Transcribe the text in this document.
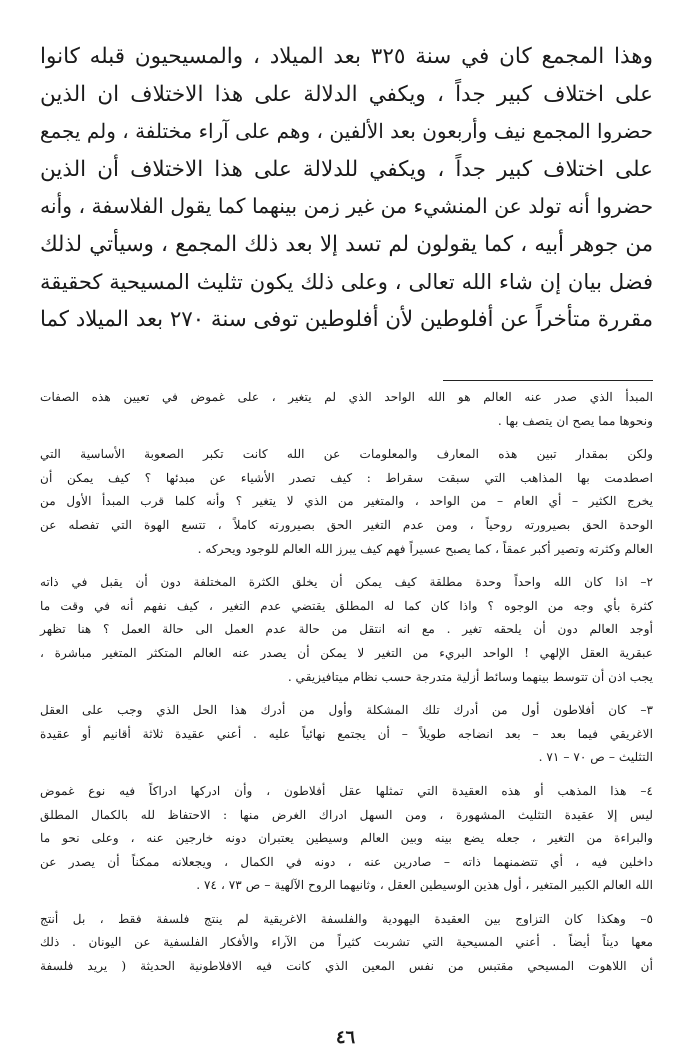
وهذا المجمع كان في سنة ٣٢٥ بعد الميلاد ، والمسيحيون قبله كانوا
على اختلاف كبير جداً ، ويكفي الدلالة على هذا الاختلاف ان الذين
حضروا المجمع نيف وأربعون بعد الألفين ، وهم على آراء مختلفة ، ولم يجمع
على اختلاف كبير جداً ، ويكفي للدلالة على هذا الاختلاف أن الذين
حضروا أنه تولد عن المنشيء من غير زمن بينهما كما يقول الفلاسفة ، وأنه
من جوهر أبيه ، كما يقولون لم تسد إلا بعد ذلك المجمع ، وسيأتي لذلك
فضل بيان إن شاء الله تعالى ، وعلى ذلك يكون تثليث المسيحية كحقيقة
مقررة متأخراً عن أفلوطين لأن أفلوطين توفى سنة ٢٧٠ بعد الميلاد كما
المبدأ الذي صدر عنه العالم هو الله الواحد الذي لم يتغير ، على غموض في تعيين هذه الصفات
ونحوها مما يصح ان يتصف بها .
ولكن بمقدار تبين هذه المعارف والمعلومات عن الله كانت تكبر الصعوبة الأساسية التي
اصطدمت بها المذاهب التي سبقت سقراط : كيف تصدر الأشياء عن مبدئها ؟ كيف يمكن أن
يخرج الكثير – أي العام – من الواحد ، والمتغير من الذي لا يتغير ؟ وأنه كلما قرب المبدأ الأول من
الوحدة الحق بصيرورته روحياً ، ومن عدم التغير الحق بصيرورته كاملاً ، تتسع الهوة التي تفصله عن
العالم وكثرته وتصير أكبر عمقاً ، كما يصبح عسيراً فهم كيف يبرز الله العالم للوجود ويحركه .
٢– اذا كان الله واحداً وحدة مطلقة كيف يمكن أن يخلق الكثرة المختلفة دون أن يقبل في ذاته
كثرة بأي وجه من الوجوه ؟ واذا كان كما له المطلق يقتضي عدم التغير ، كيف نفهم أنه في وقت ما
أوجد العالم دون أن يلحقه تغير . مع انه انتقل من حالة عدم العمل الى حالة العمل ؟ هنا تظهر
عبقرية العقل الإلهي ! الواحد البريء من التغير لا يمكن أن يصدر عنه العالم المتكثر المتغير مباشرة ،
يجب اذن أن تتوسط بينهما وسائط أزلية متدرجة حسب نظام ميتافيزيقي .
٣– كان أفلاطون أول من أدرك تلك المشكلة وأول من أدرك هذا الحل الذي وجب على العقل
الاغريقي فيما بعد – بعد انضاجه طويلاً – أن يجتمع نهائياً عليه . أعني عقيدة ثلاثة أقانيم أو عقيدة
التثليث – ص ٧٠ – ٧١ .
٤– هذا المذهب أو هذه العقيدة التي تمثلها عقل أفلاطون ، وأن ادركها ادراكاً فيه نوع غموض
ليس إلا عقيدة التثليث المشهورة ، ومن السهل ادراك الغرض منها : الاحتفاظ لله بالكمال المطلق
والبراءة من التغير ، جعله يضع بينه وبين العالم وسيطين يعتبران دونه خارجين عنه ، وعلى نحو ما
داخلين فيه ، أي تتضمنهما ذاته – صادرين عنه ، دونه في الكمال ، ويجعلانه ممكناً أن يصدر عن
الله العالم الكبير المتغير ، أول هذين الوسيطين العقل ، وثانيهما الروح الآلهية – ص ٧٣ ، ٧٤ .
٥– وهكذا كان التزاوج بين العقيدة اليهودية والفلسفة الاغريقية لم ينتج فلسفة فقط ، بل أنتج
معها ديناً أيضاً . أعني المسيحية التي تشربت كثيراً من الآراء والأفكار الفلسفية عن اليونان . ذلك
أن اللاهوت المسيحي مقتبس من نفس المعين الذي كانت فيه الافلاطونية الحديثة ( يريد فلسفة
٤٦
